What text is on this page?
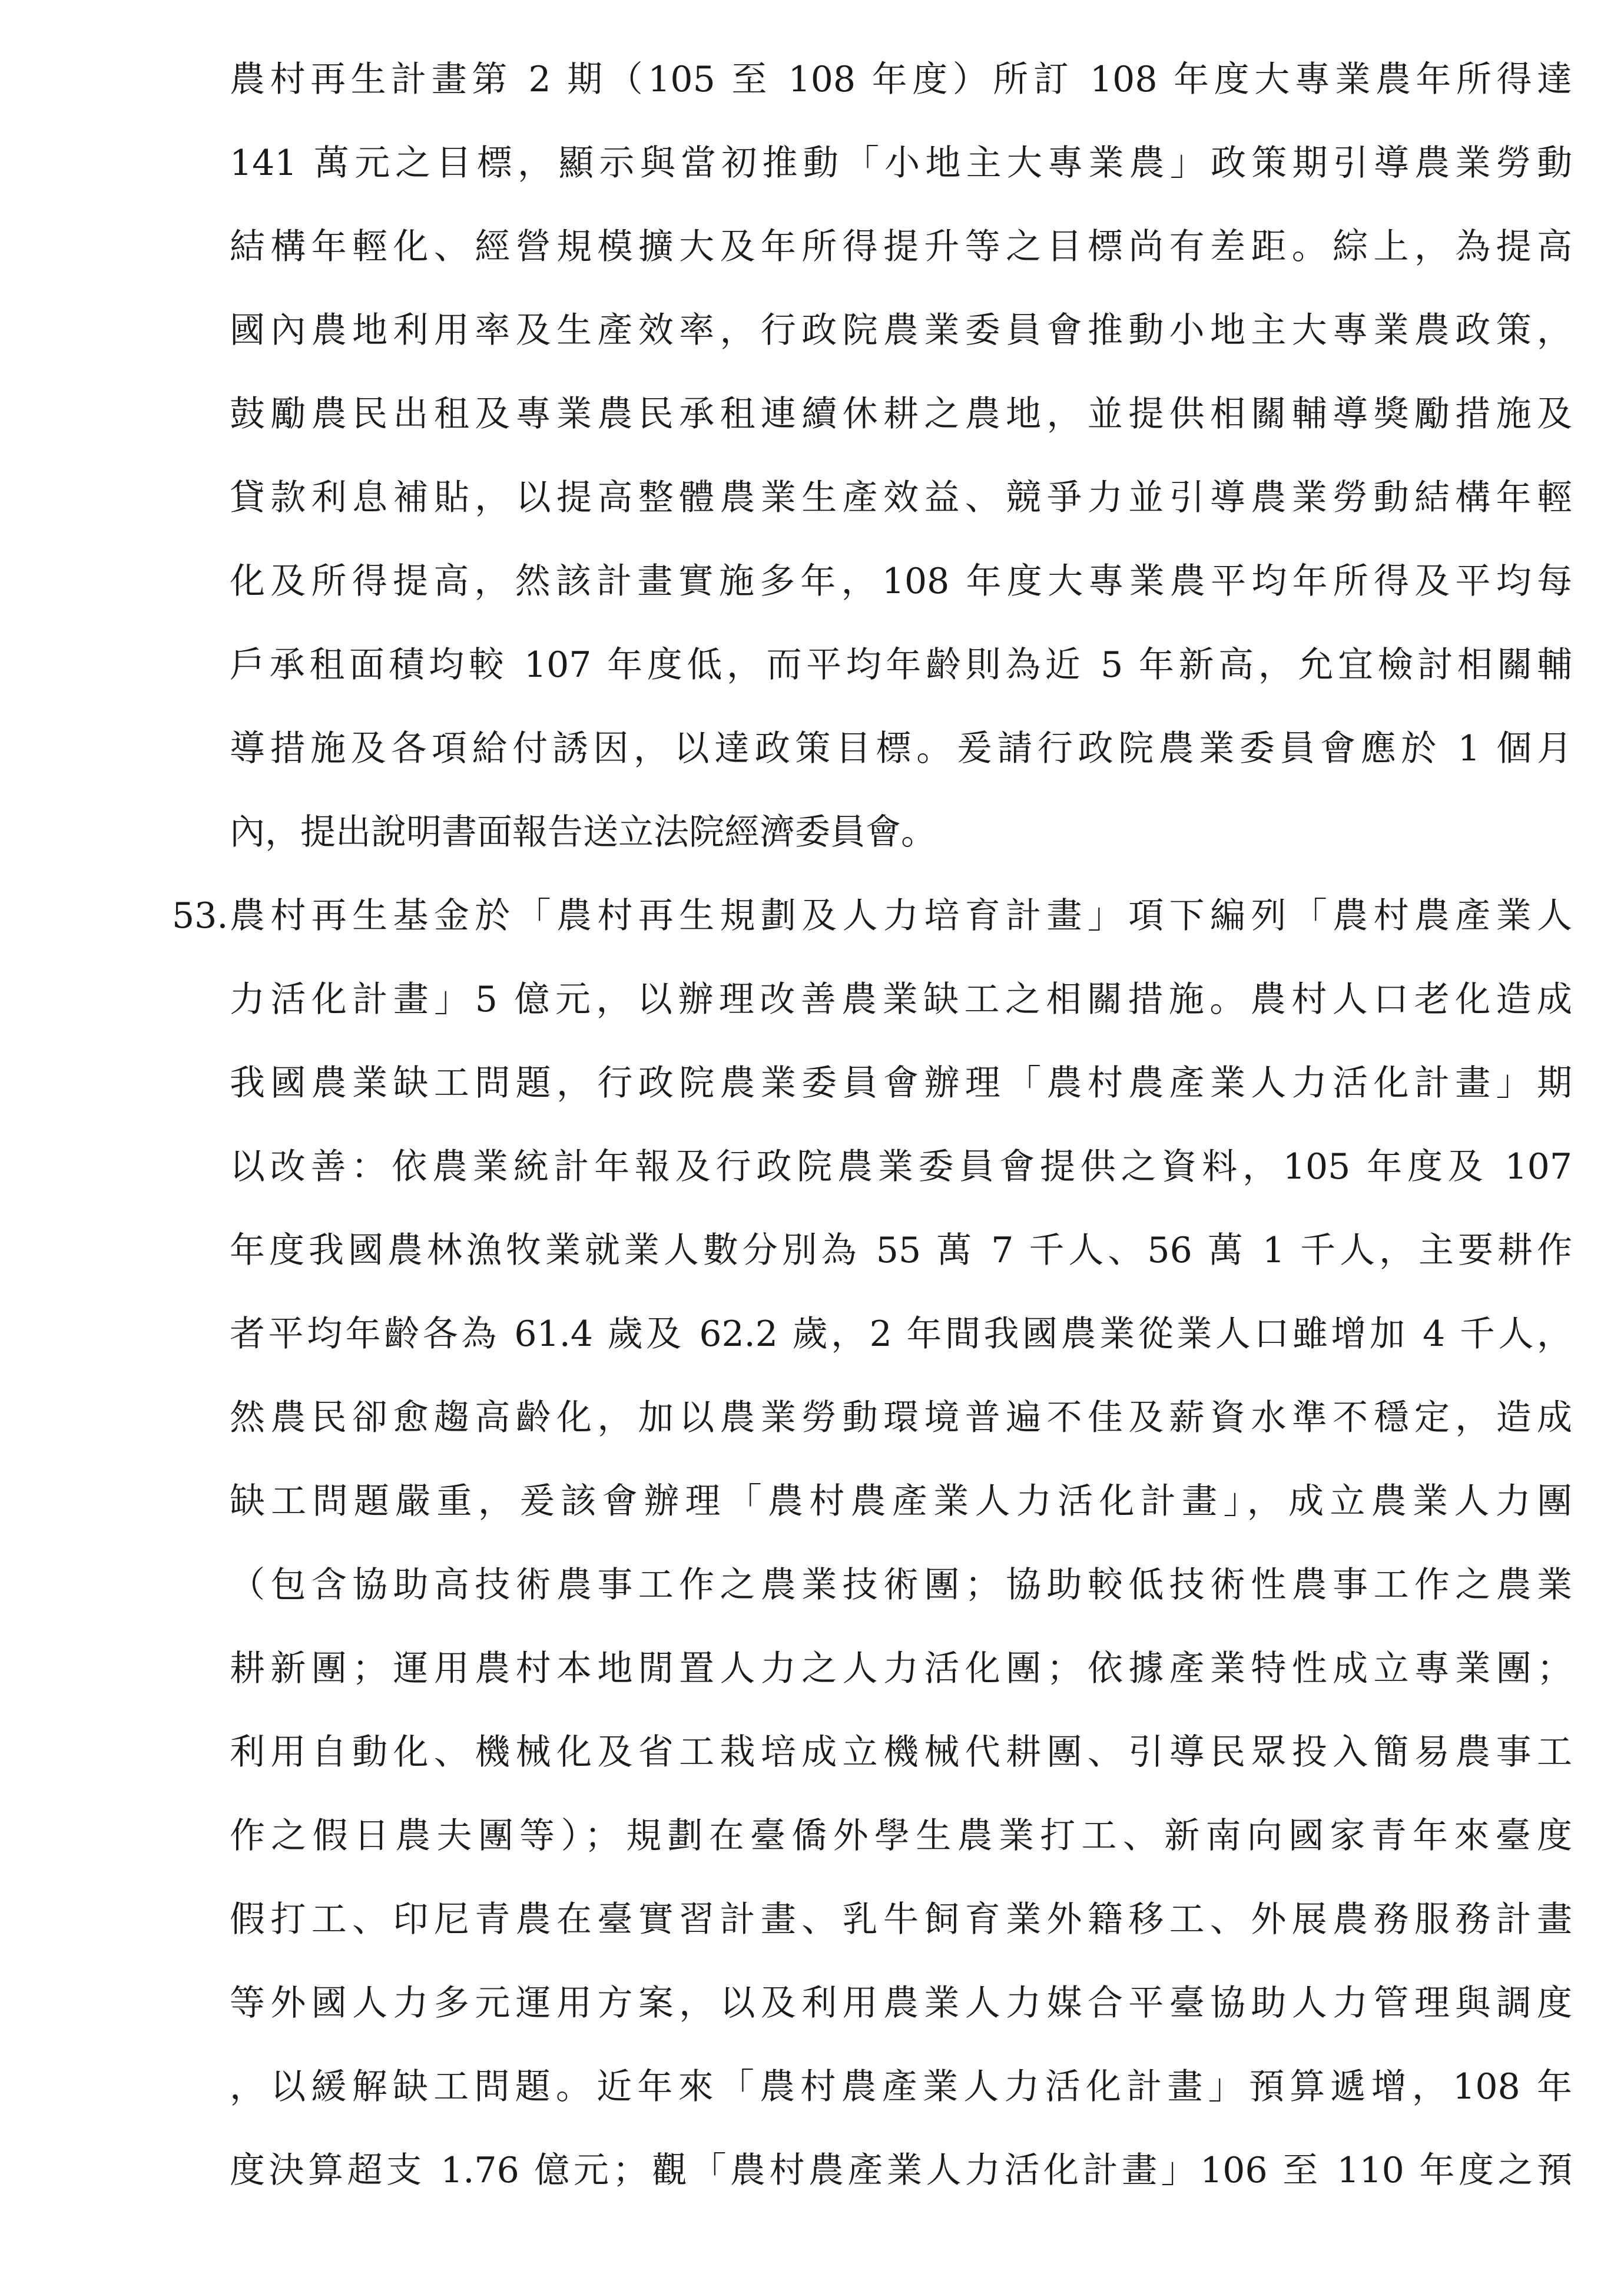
農村再生計畫第 2 期（105 至 108 年度）所訂 108 年度大專業農年所得達
141 萬元之目標，顯示與當初推動「小地主大專業農」政策期引導農業勞動
結構年輕化、經營規模擴大及年所得提升等之目標尚有差距。綜上，為提高
國內農地利用率及生產效率，行政院農業委員會推動小地主大專業農政策，
鼓勵農民出租及專業農民承租連續休耕之農地，並提供相關輔導獎勵措施及
貸款利息補貼，以提高整體農業生產效益、競爭力並引導農業勞動結構年輕
化及所得提高，然該計畫實施多年，108 年度大專業農平均年所得及平均每
戶承租面積均較 107 年度低，而平均年齡則為近 5 年新高，允宜檢討相關輔
導措施及各項給付誘因，以達政策目標。爰請行政院農業委員會應於 1 個月
內，提出說明書面報告送立法院經濟委員會。
53. 農村再生基金於「農村再生規劃及人力培育計畫」項下編列「農村農產業人
力活化計畫」5 億元，以辦理改善農業缺工之相關措施。農村人口老化造成
我國農業缺工問題，行政院農業委員會辦理「農村農產業人力活化計畫」期
以改善：依農業統計年報及行政院農業委員會提供之資料，105 年度及 107
年度我國農林漁牧業就業人數分別為 55 萬 7 千人、56 萬 1 千人，主要耕作
者平均年齡各為 61.4 歲及 62.2 歲，2 年間我國農業從業人口雖增加 4 千人，
然農民卻愈趨高齡化，加以農業勞動環境普遍不佳及薪資水準不穩定，造成
缺工問題嚴重，爰該會辦理「農村農產業人力活化計畫」，成立農業人力團
（包含協助高技術農事工作之農業技術團；協助較低技術性農事工作之農業
耕新團；運用農村本地閒置人力之人力活化團；依據產業特性成立專業團；
利用自動化、機械化及省工栽培成立機械代耕團、引導民眾投入簡易農事工
作之假日農夫團等）；規劃在臺僑外學生農業打工、新南向國家青年來臺度
假打工、印尼青農在臺實習計畫、乳牛飼育業外籍移工、外展農務服務計畫
等外國人力多元運用方案，以及利用農業人力媒合平臺協助人力管理與調度
，以緩解缺工問題。近年來「農村農產業人力活化計畫」預算遞增，108 年
度決算超支 1.76 億元；觀「農村農產業人力活化計畫」106 至 110 年度之預
